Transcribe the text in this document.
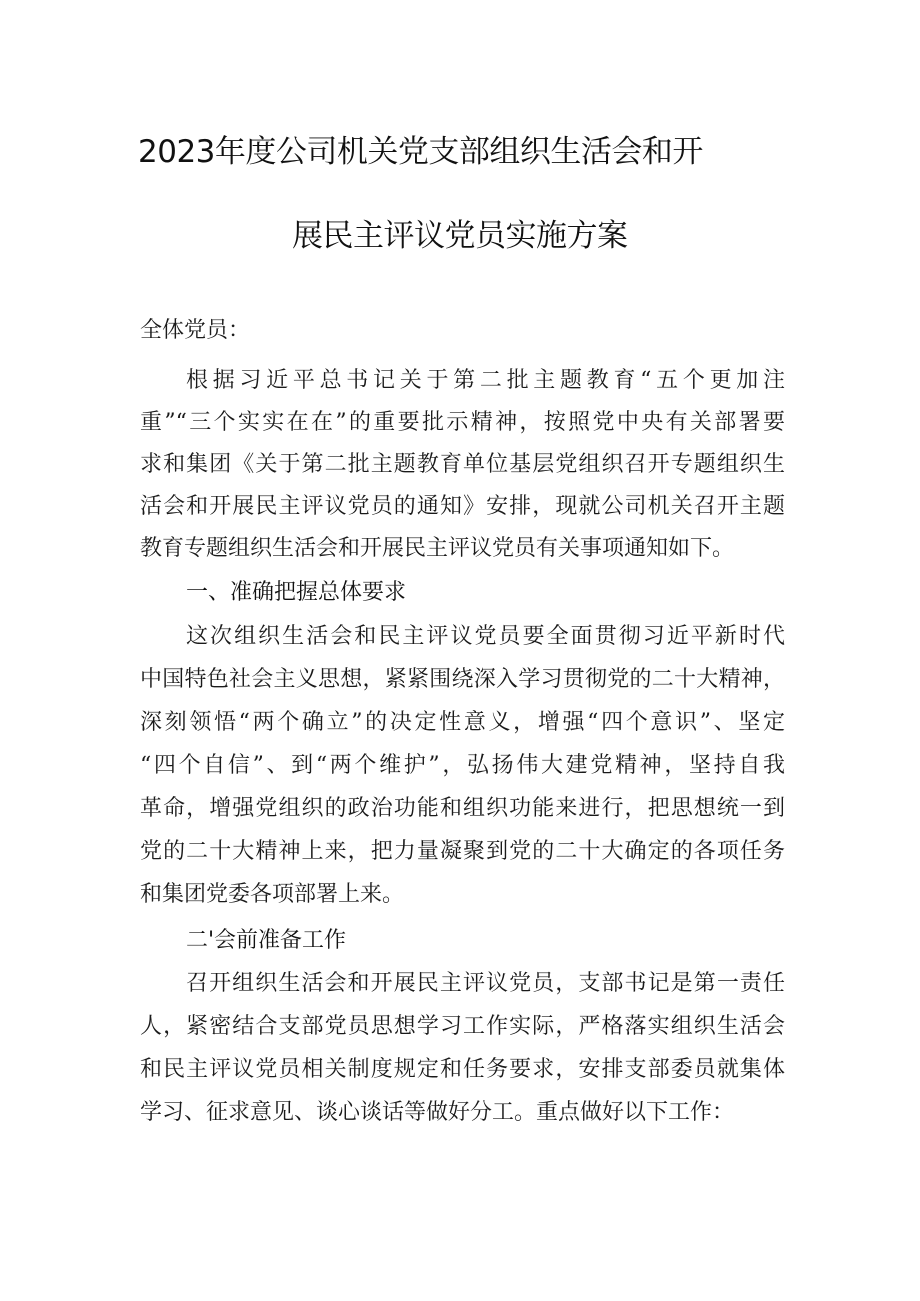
2023年度公司机关党支部组织生活会和开
展民主评议党员实施方案
全体党员：
根据习近平总书记关于第二批主题教育“五个更加注
重”“三个实实在在”的重要批示精神，按照党中央有关部署要
求和集团《关于第二批主题教育单位基层党组织召开专题组织生
活会和开展民主评议党员的通知》安排，现就公司机关召开主题
教育专题组织生活会和开展民主评议党员有关事项通知如下。
一、准确把握总体要求
这次组织生活会和民主评议党员要全面贯彻习近平新时代
中国特色社会主义思想，紧紧围绕深入学习贯彻党的二十大精神，
深刻领悟“两个确立”的决定性意义，增强“四个意识”、坚定
“四个自信”、到“两个维护”，弘扬伟大建党精神，坚持自我
革命，增强党组织的政治功能和组织功能来进行，把思想统一到
党的二十大精神上来，把力量凝聚到党的二十大确定的各项任务
和集团党委各项部署上来。
二'会前准备工作
召开组织生活会和开展民主评议党员，支部书记是第一责任
人，紧密结合支部党员思想学习工作实际，严格落实组织生活会
和民主评议党员相关制度规定和任务要求，安排支部委员就集体
学习、征求意见、谈心谈话等做好分工。重点做好以下工作：
